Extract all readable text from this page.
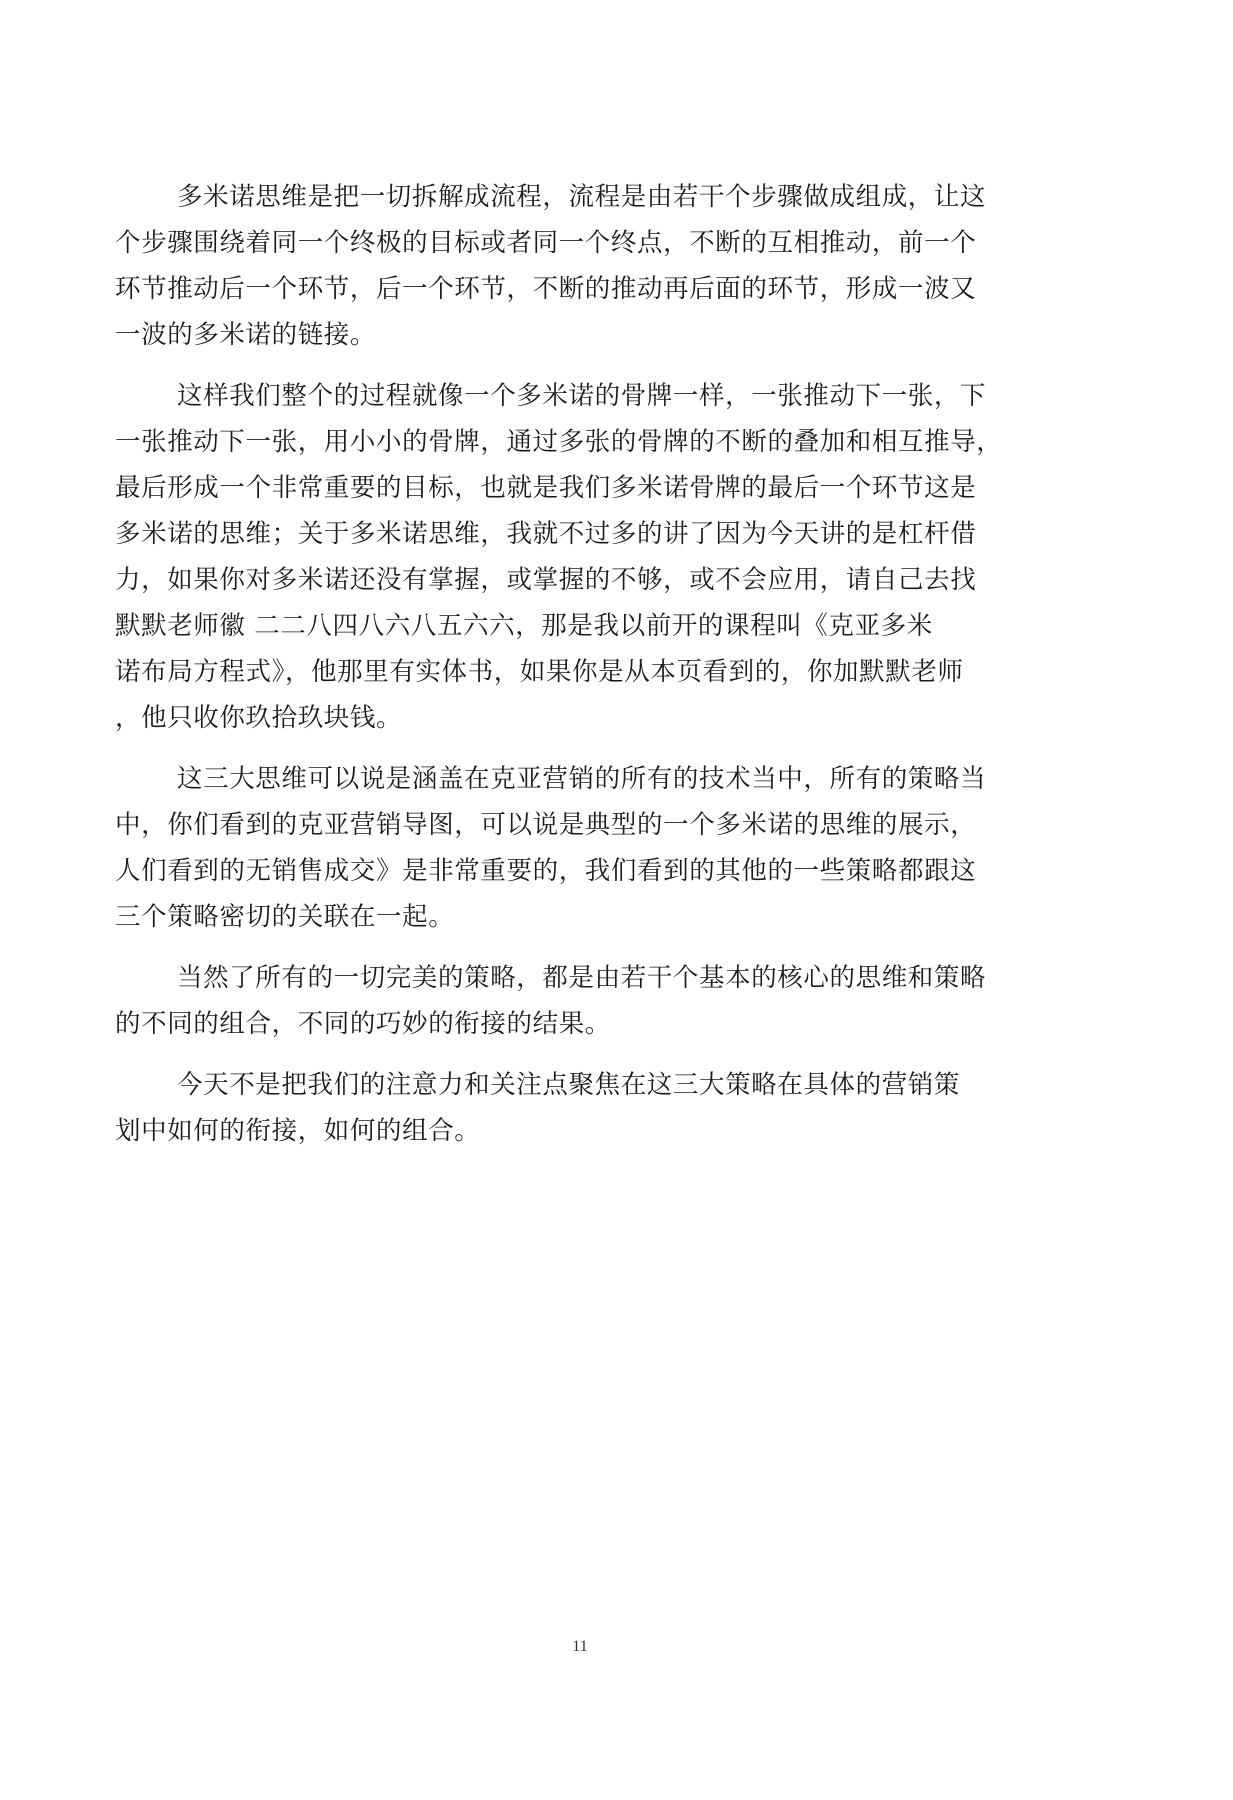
多米诺思维是把一切拆解成流程，流程是由若干个步骤做成组成，让这
个步骤围绕着同一个终极的目标或者同一个终点，不断的互相推动，前一个
环节推动后一个环节，后一个环节，不断的推动再后面的环节，形成一波又
一波的多米诺的链接。
这样我们整个的过程就像一个多米诺的骨牌一样，一张推动下一张，下
一张推动下一张，用小小的骨牌，通过多张的骨牌的不断的叠加和相互推导，
最后形成一个非常重要的目标，也就是我们多米诺骨牌的最后一个环节这是
多米诺的思维；关于多米诺思维，我就不过多的讲了因为今天讲的是杠杆借
力，如果你对多米诺还没有掌握，或掌握的不够，或不会应用，请自己去找
默默老师徽 二二八四八六八五六六，那是我以前开的课程叫《克亚多米
诺布局方程式》，他那里有实体书，如果你是从本页看到的，你加默默老师
，他只收你玖拾玖块钱。
这三大思维可以说是涵盖在克亚营销的所有的技术当中，所有的策略当
中，你们看到的克亚营销导图，可以说是典型的一个多米诺的思维的展示，
人们看到的无销售成交》是非常重要的，我们看到的其他的一些策略都跟这
三个策略密切的关联在一起。
当然了所有的一切完美的策略，都是由若干个基本的核心的思维和策略
的不同的组合，不同的巧妙的衔接的结果。
今天不是把我们的注意力和关注点聚焦在这三大策略在具体的营销策
划中如何的衔接，如何的组合。
11
